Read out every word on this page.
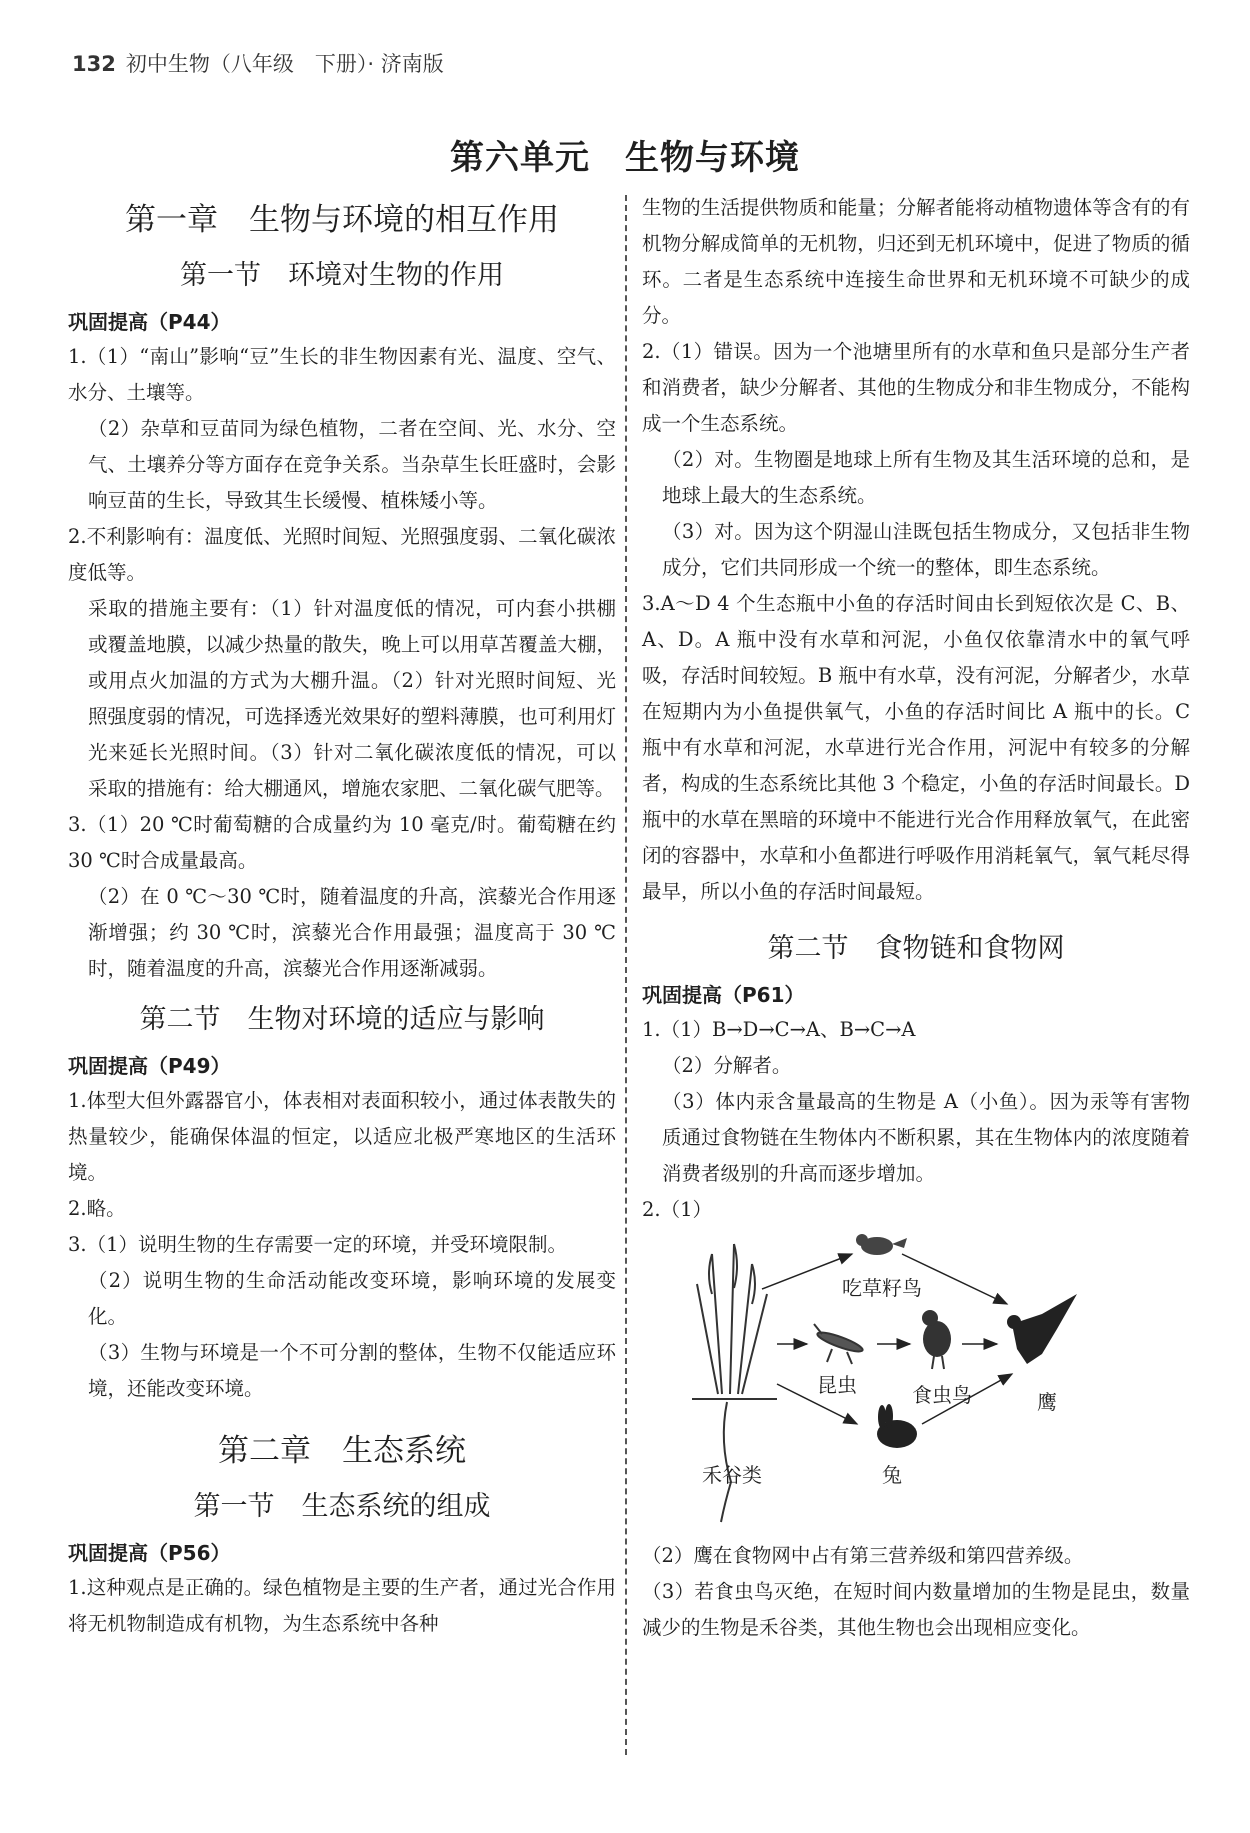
132 初中生物（八年级　下册）· 济南版
第六单元　生物与环境
第一章　生物与环境的相互作用
第一节　环境对生物的作用
巩固提高（P44）

1.（1）“南山”影响“豆”生长的非生物因素有光、温度、空气、水分、土壤等。

（2）杂草和豆苗同为绿色植物，二者在空间、光、水分、空气、土壤养分等方面存在竞争关系。当杂草生长旺盛时，会影响豆苗的生长，导致其生长缓慢、植株矮小等。

2.不利影响有：温度低、光照时间短、光照强度弱、二氧化碳浓度低等。

采取的措施主要有：（1）针对温度低的情况，可内套小拱棚或覆盖地膜，以减少热量的散失，晚上可以用草苫覆盖大棚，或用点火加温的方式为大棚升温。（2）针对光照时间短、光照强度弱的情况，可选择透光效果好的塑料薄膜，也可利用灯光来延长光照时间。（3）针对二氧化碳浓度低的情况，可以采取的措施有：给大棚通风，增施农家肥、二氧化碳气肥等。

3.（1）20 ℃时葡萄糖的合成量约为 10 毫克/时。葡萄糖在约 30 ℃时合成量最高。

（2）在 0 ℃～30 ℃时，随着温度的升高，滨藜光合作用逐渐增强；约 30 ℃时，滨藜光合作用最强；温度高于 30 ℃时，随着温度的升高，滨藜光合作用逐渐减弱。

第二节　生物对环境的适应与影响
巩固提高（P49）

1.体型大但外露器官小，体表相对表面积较小，通过体表散失的热量较少，能确保体温的恒定，以适应北极严寒地区的生活环境。

2.略。

3.（1）说明生物的生存需要一定的环境，并受环境限制。

（2）说明生物的生命活动能改变环境，影响环境的发展变化。

（3）生物与环境是一个不可分割的整体，生物不仅能适应环境，还能改变环境。

第二章　生态系统
第一节　生态系统的组成
巩固提高（P56）

1.这种观点是正确的。绿色植物是主要的生产者，通过光合作用将无机物制造成有机物，为生态系统中各种

生物的生活提供物质和能量；分解者能将动植物遗体等含有的有机物分解成简单的无机物，归还到无机环境中，促进了物质的循环。二者是生态系统中连接生命世界和无机环境不可缺少的成分。

2.（1）错误。因为一个池塘里所有的水草和鱼只是部分生产者和消费者，缺少分解者、其他的生物成分和非生物成分，不能构成一个生态系统。

（2）对。生物圈是地球上所有生物及其生活环境的总和，是地球上最大的生态系统。

（3）对。因为这个阴湿山洼既包括生物成分，又包括非生物成分，它们共同形成一个统一的整体，即生态系统。

3.A～D 4 个生态瓶中小鱼的存活时间由长到短依次是 C、B、A、D。A 瓶中没有水草和河泥，小鱼仅依靠清水中的氧气呼吸，存活时间较短。B 瓶中有水草，没有河泥，分解者少，水草在短期内为小鱼提供氧气，小鱼的存活时间比 A 瓶中的长。C 瓶中有水草和河泥，水草进行光合作用，河泥中有较多的分解者，构成的生态系统比其他 3 个稳定，小鱼的存活时间最长。D 瓶中的水草在黑暗的环境中不能进行光合作用释放氧气，在此密闭的容器中，水草和小鱼都进行呼吸作用消耗氧气，氧气耗尽得最早，所以小鱼的存活时间最短。

第二节　食物链和食物网
巩固提高（P61）

1.（1）B→D→C→A、B→C→A

（2）分解者。

（3）体内汞含量最高的生物是 A（小鱼）。因为汞等有害物质通过食物链在生物体内不断积累，其在生物体内的浓度随着消费者级别的升高而逐步增加。

2.（1）

吃草籽鸟
昆虫	食虫鸟	鹰
禾谷类	兔

（2）鹰在食物网中占有第三营养级和第四营养级。

（3）若食虫鸟灭绝，在短时间内数量增加的生物是昆虫，数量减少的生物是禾谷类，其他生物也会出现相应变化。
